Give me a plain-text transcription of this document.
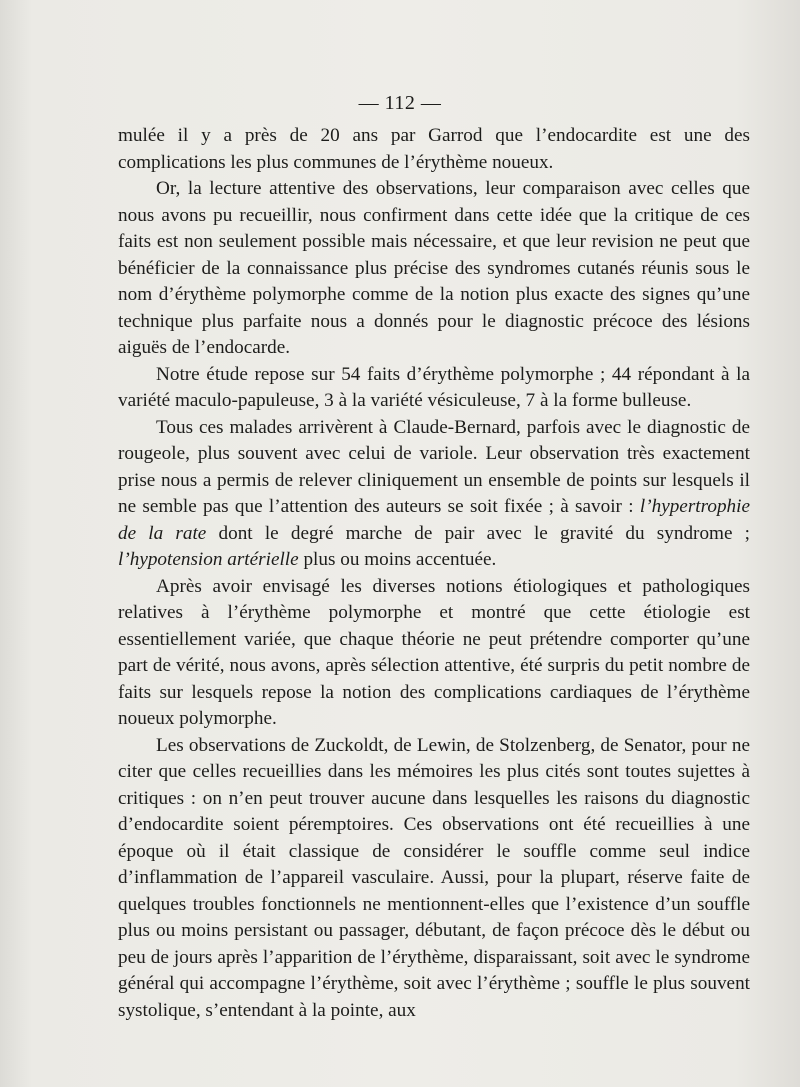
— 112 —

mulée il y a près de 20 ans par Garrod que l’endocardite est une des complications les plus communes de l’érythème noueux.

Or, la lecture attentive des observations, leur comparaison avec celles que nous avons pu recueillir, nous confirment dans cette idée que la critique de ces faits est non seulement possible mais nécessaire, et que leur revision ne peut que bénéficier de la connaissance plus précise des syndromes cutanés réunis sous le nom d’érythème polymorphe comme de la notion plus exacte des signes qu’une technique plus parfaite nous a donnés pour le diagnostic précoce des lésions aiguës de l’endocarde.

Notre étude repose sur 54 faits d’érythème polymorphe ; 44 répondant à la variété maculo-papuleuse, 3 à la variété vésiculeuse, 7 à la forme bulleuse.

Tous ces malades arrivèrent à Claude-Bernard, parfois avec le diagnostic de rougeole, plus souvent avec celui de variole. Leur observation très exactement prise nous a permis de relever cliniquement un ensemble de points sur lesquels il ne semble pas que l’attention des auteurs se soit fixée ; à savoir : l’hypertrophie de la rate dont le degré marche de pair avec le gravité du syndrome ; l’hypotension artérielle plus ou moins accentuée.

Après avoir envisagé les diverses notions étiologiques et pathologiques relatives à l’érythème polymorphe et montré que cette étiologie est essentiellement variée, que chaque théorie ne peut prétendre comporter qu’une part de vérité, nous avons, après sélection attentive, été surpris du petit nombre de faits sur lesquels repose la notion des complications cardiaques de l’érythème noueux polymorphe.

Les observations de Zuckoldt, de Lewin, de Stolzenberg, de Senator, pour ne citer que celles recueillies dans les mémoires les plus cités sont toutes sujettes à critiques : on n’en peut trouver aucune dans lesquelles les raisons du diagnostic d’endocardite soient péremptoires. Ces observations ont été recueillies à une époque où il était classique de considérer le souffle comme seul indice d’inflammation de l’appareil vasculaire. Aussi, pour la plupart, réserve faite de quelques troubles fonctionnels ne mentionnent-elles que l’existence d’un souffle plus ou moins persistant ou passager, débutant, de façon précoce dès le début ou peu de jours après l’apparition de l’érythème, disparaissant, soit avec le syndrome général qui accompagne l’érythème, soit avec l’érythème ; souffle le plus souvent systolique, s’entendant à la pointe, aux
